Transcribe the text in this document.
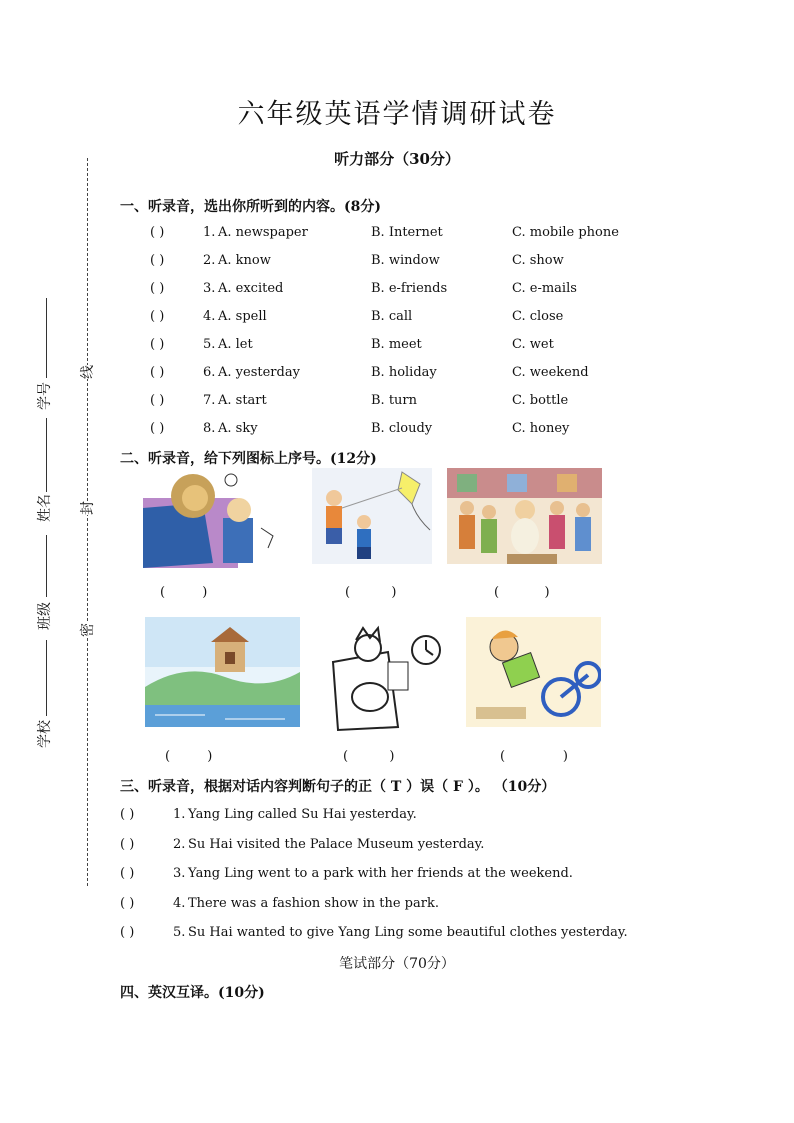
六年级英语学情调研试卷
听力部分（30分）
学校
班级
姓名
学号
密
封
线
一、听录音，选出你所听到的内容。(8分)
( )	1. A. newspaper	B. Internet	C. mobile phone
( )	2. A. know	B. window	C. show
( )	3. A. excited	B. e-friends	C. e-mails
( )	4. A. spell	B. call	C. close
( )	5. A. let	B. meet	C. wet
( )	6. A. yesterday	B. holiday	C. weekend
( )	7. A. start	B. turn	C. bottle
( )	8. A. sky	B. cloudy	C. honey
二、听录音，给下列图标上序号。(12分)
(         )	(          )	(           )
(         )	(          )	(              )
三、听录音，根据对话内容判断句子的正（ T ）误（ F ）。 （10分）
( )	1. Yang Ling called Su Hai yesterday.
( )	2. Su Hai visited the Palace Museum yesterday.
( )	3. Yang Ling went to a park with her friends at the weekend.
( )	4. There was a fashion show in the park.
( )	5. Su Hai wanted to give Yang Ling some beautiful clothes yesterday.
笔试部分（70分）
四、英汉互译。(10分)
